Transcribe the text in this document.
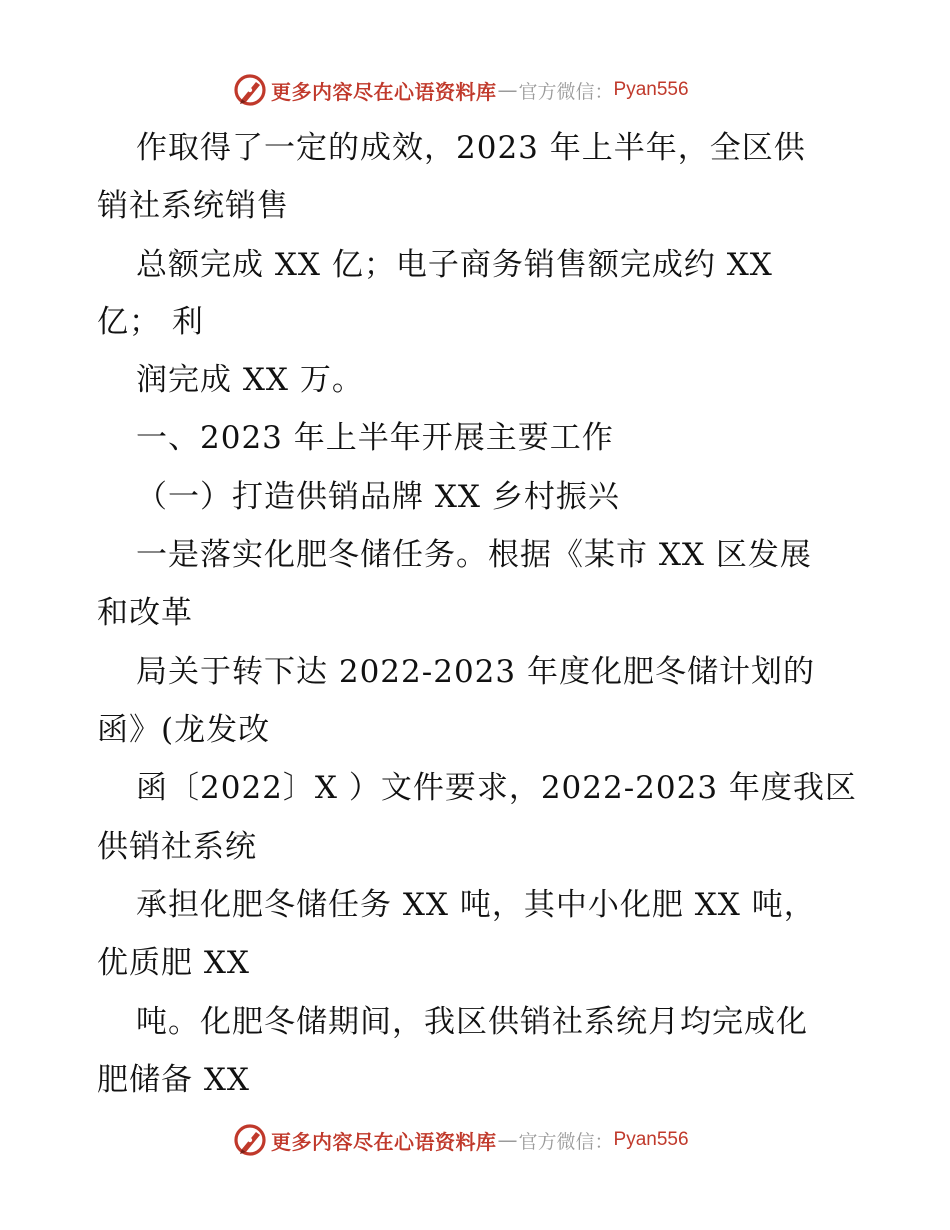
更多内容尽在心语资料库 — 官方微信： Pyan556
作取得了一定的成效，2023 年上半年，全区供
销社系统销售
总额完成 XX 亿；电子商务销售额完成约 XX
亿； 利
润完成 XX 万。
一、2023 年上半年开展主要工作
（一）打造供销品牌 XX 乡村振兴
一是落实化肥冬储任务。根据《某市 XX 区发展
和改革
局关于转下达 2022-2023 年度化肥冬储计划的
函》(龙发改
函〔2022〕X ）文件要求，2022-2023 年度我区
供销社系统
承担化肥冬储任务 XX 吨，其中小化肥 XX 吨，
优质肥 XX
吨。化肥冬储期间，我区供销社系统月均完成化
肥储备 XX
更多内容尽在心语资料库 — 官方微信： Pyan556
